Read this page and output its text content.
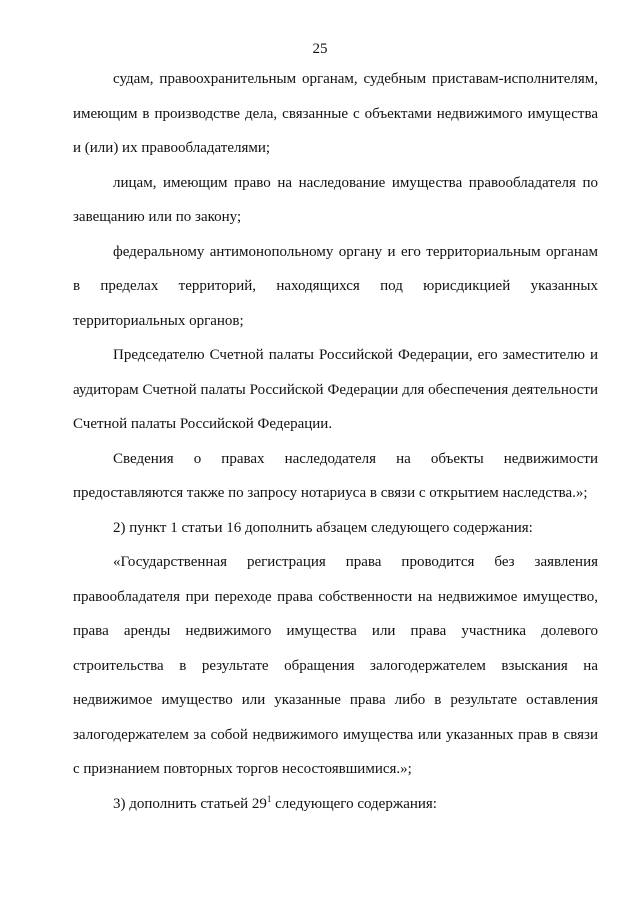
25

судам, правоохранительным органам, судебным приставам-исполнителям, имеющим в производстве дела, связанные с объектами недвижимого имущества и (или) их правообладателями;

лицам, имеющим право на наследование имущества правообладателя по завещанию или по закону;

федеральному антимонопольному органу и его территориальным органам в пределах территорий, находящихся под юрисдикцией указанных территориальных органов;

Председателю Счетной палаты Российской Федерации, его заместителю и аудиторам Счетной палаты Российской Федерации для обеспечения деятельности Счетной палаты Российской Федерации.

Сведения о правах наследодателя на объекты недвижимости предоставляются также по запросу нотариуса в связи с открытием наследства.»;

2) пункт 1 статьи 16 дополнить абзацем следующего содержания:

«Государственная регистрация права проводится без заявления правообладателя при переходе права собственности на недвижимое имущество, права аренды недвижимого имущества или права участника долевого строительства в результате обращения залогодержателем взыскания на недвижимое имущество или указанные права либо в результате оставления залогодержателем за собой недвижимого имущества или указанных прав в связи с признанием повторных торгов несостоявшимися.»;

3) дополнить статьей $29^1$ следующего содержания:
